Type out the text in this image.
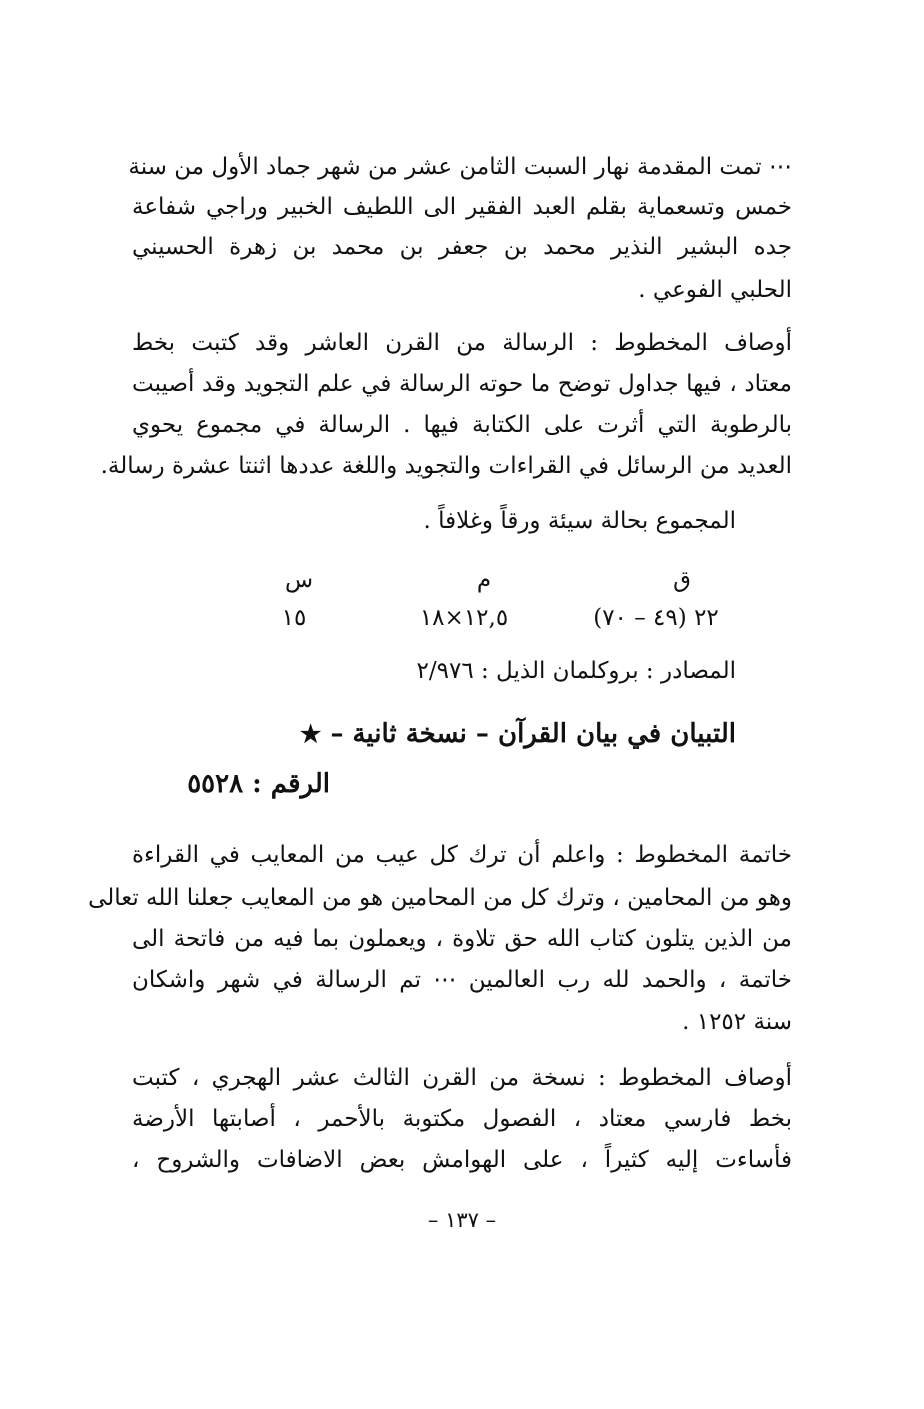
⋯ تمت المقدمة نهار السبت الثامن عشر من شهر جماد الأول من سنة
خمس وتسعماية بقلم العبد الفقير الى اللطيف الخبير وراجي شفاعة
جده البشير النذير محمد بن جعفر بن محمد بن زهرة الحسيني
الحلبي الفوعي .
أوصاف المخطوط : الرسالة من القرن العاشر وقد كتبت بخط
معتاد ، فيها جداول توضح ما حوته الرسالة في علم التجويد وقد أصيبت
بالرطوبة التي أثرت على الكتابة فيها . الرسالة في مجموع يحوي
العديد من الرسائل في القراءات والتجويد واللغة عددها اثنتا عشرة رسالة.
المجموع بحالة سيئة ورقاً وغلافاً .
ق
م
س
٢٢ (٤٩ – ٧٠)
١٢,٥×١٨
١٥
المصادر : بروكلمان الذيل : ٢/٩٧٦
التبيان في بيان القرآن – نسخة ثانية – ★
الرقم : ٥٥٢٨
خاتمة المخطوط : واعلم أن ترك كل عيب من المعايب في القراءة
وهو من المحامين ، وترك كل من المحامين هو من المعايب جعلنا الله تعالى
من الذين يتلون كتاب الله حق تلاوة ، ويعملون بما فيه من فاتحة الى
خاتمة ، والحمد لله رب العالمين ⋯ تم الرسالة في شهر واشكان
سنة ١٢٥٢ .
أوصاف المخطوط : نسخة من القرن الثالث عشر الهجري ، كتبت
بخط فارسي معتاد ، الفصول مكتوبة بالأحمر ، أصابتها الأرضة
فأساءت إليه كثيراً ، على الهوامش بعض الاضافات والشروح ،
– ١٣٧ –
